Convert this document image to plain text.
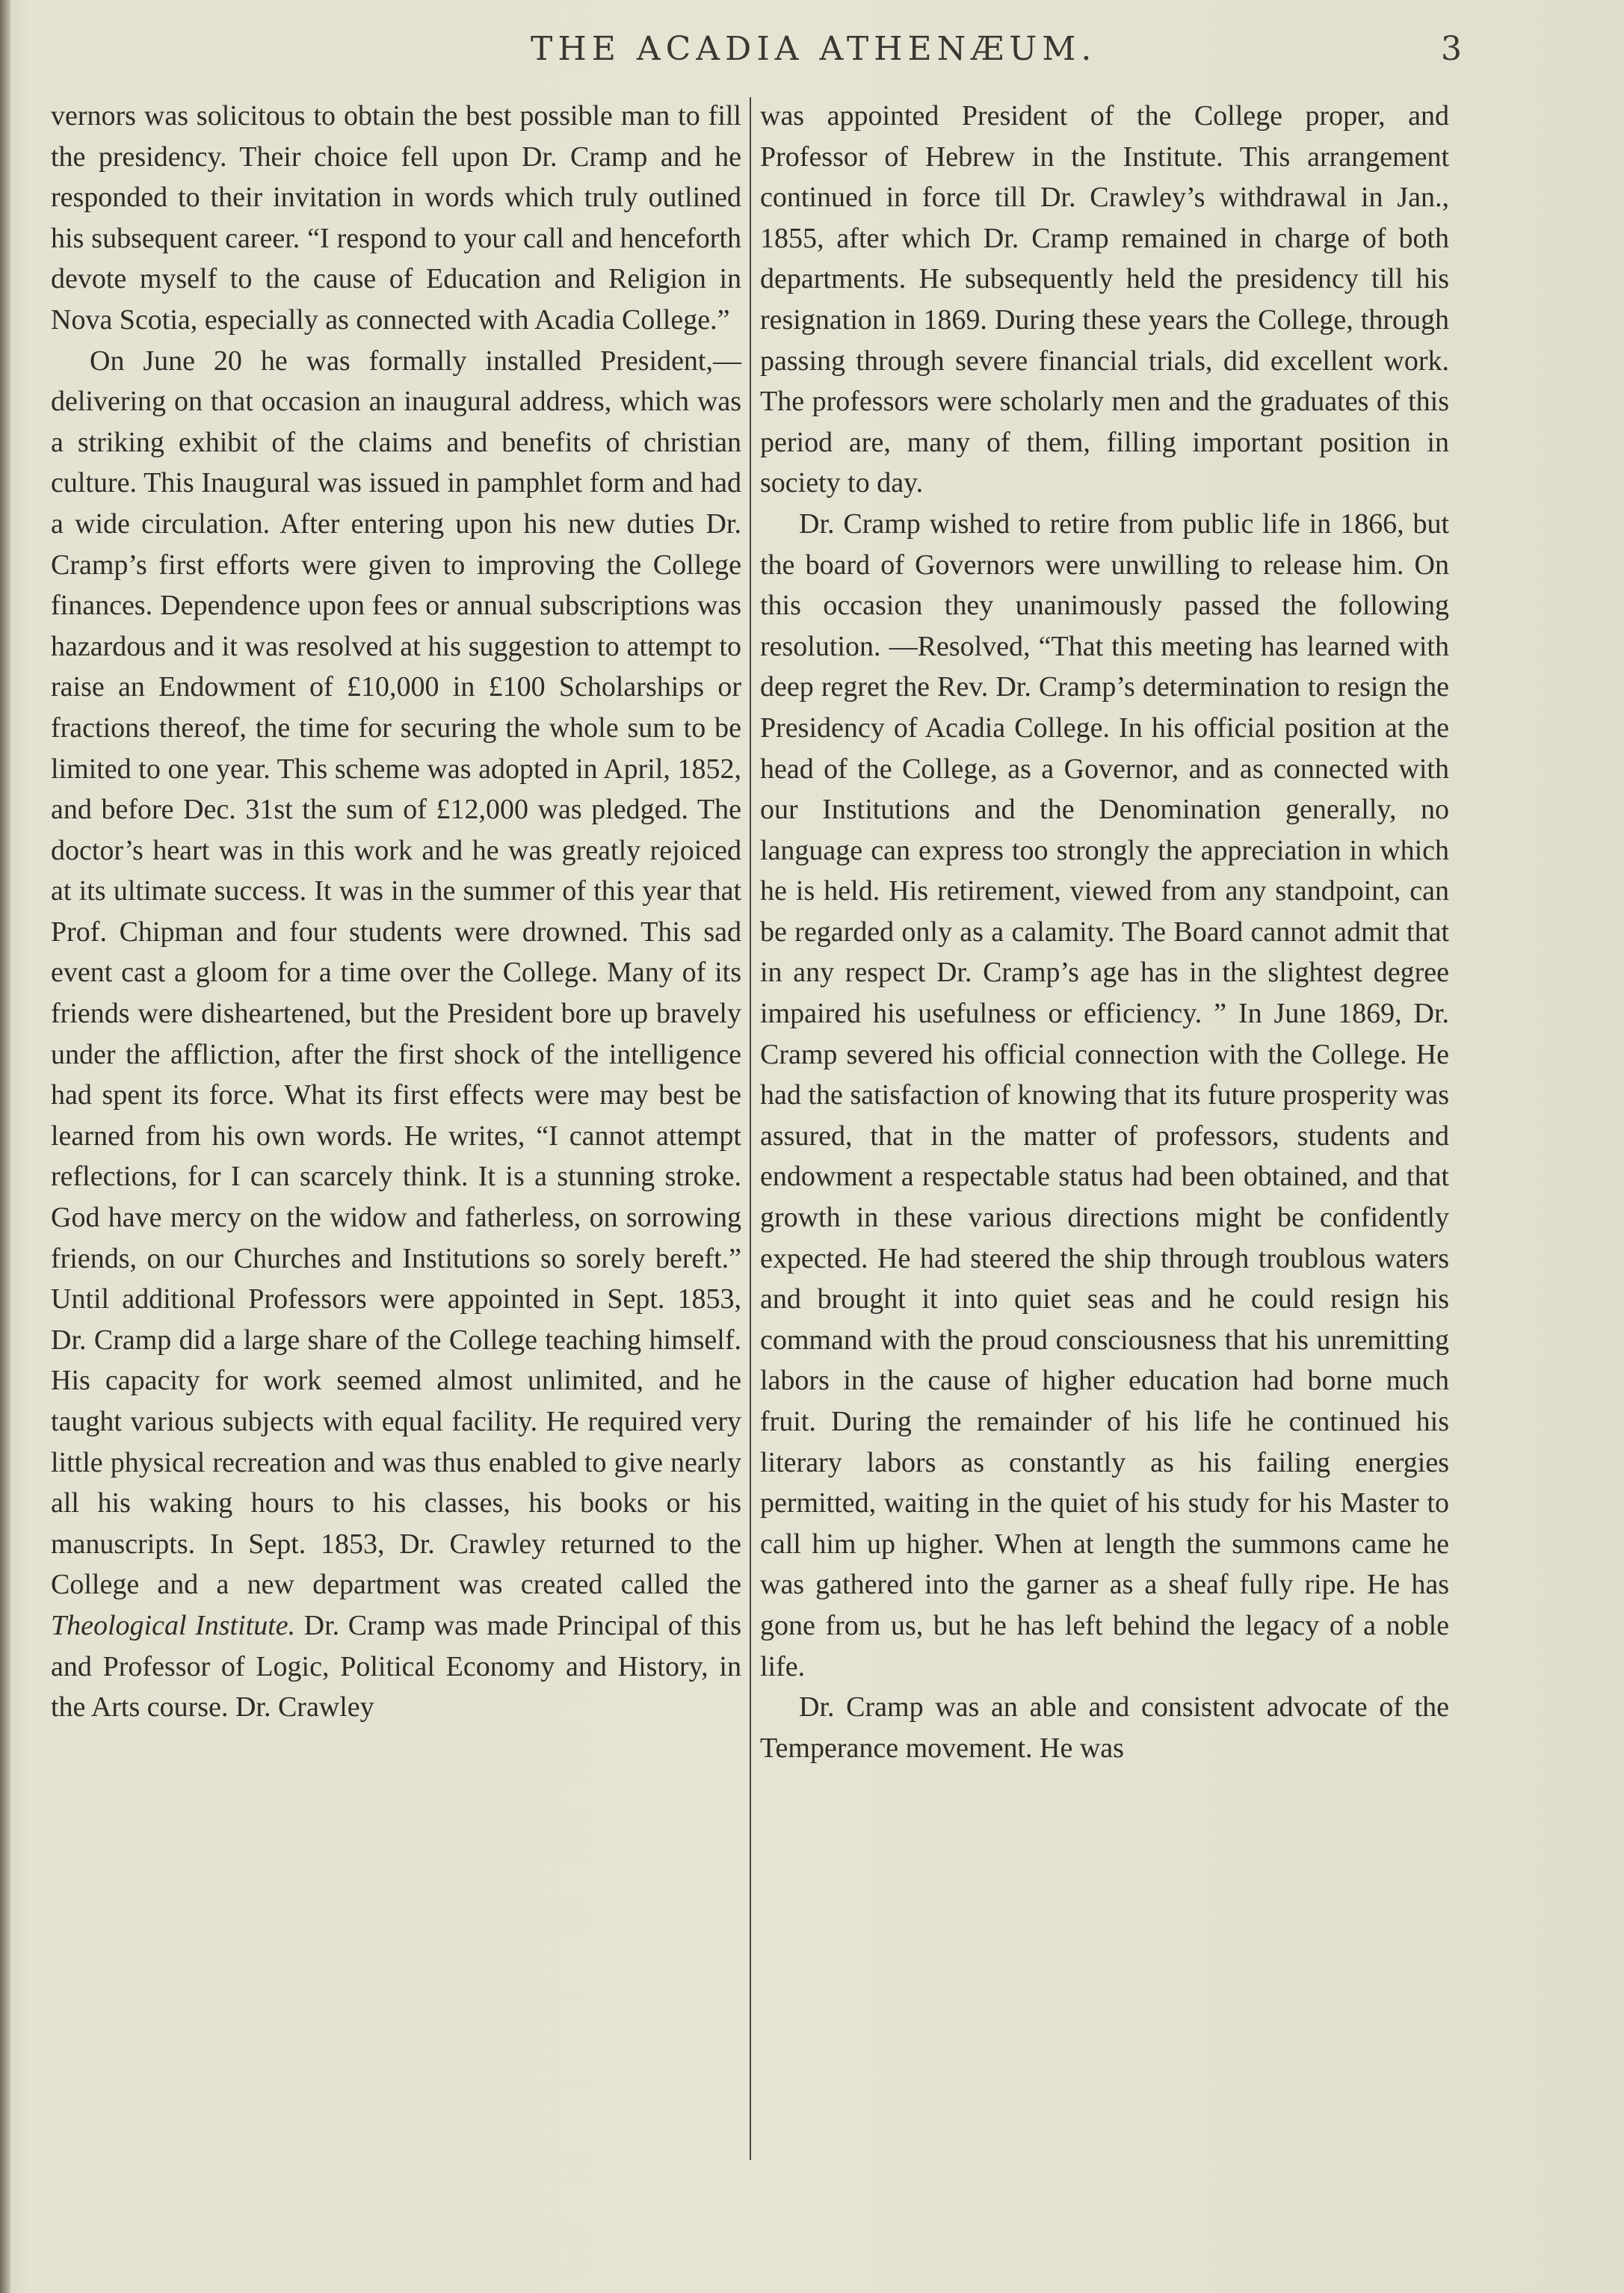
THE ACADIA ATHENÆUM.	3

vernors was solicitous to obtain the best possible man to fill the presidency. Their choice fell upon Dr. Cramp and he responded to their invitation in words which truly outlined his subsequent career. “I respond to your call and henceforth devote myself to the cause of Education and Religion in Nova Scotia, especially as connected with Acadia College.”

On June 20 he was formally installed President,—delivering on that occasion an inaugural address, which was a striking exhibit of the claims and benefits of christian culture. This Inaugural was issued in pamphlet form and had a wide circulation. After entering upon his new duties Dr. Cramp’s first efforts were given to improving the College finances. Dependence upon fees or annual subscriptions was hazardous and it was resolved at his suggestion to attempt to raise an Endowment of £10,000 in £100 Scholarships or fractions thereof, the time for securing the whole sum to be limited to one year. This scheme was adopted in April, 1852, and before Dec. 31st the sum of £12,000 was pledged. The doctor’s heart was in this work and he was greatly rejoiced at its ultimate success. It was in the summer of this year that Prof. Chipman and four students were drowned. This sad event cast a gloom for a time over the College. Many of its friends were disheartened, but the President bore up bravely under the affliction, after the first shock of the intelligence had spent its force. What its first effects were may best be learned from his own words. He writes, “I cannot attempt reflections, for I can scarcely think. It is a stunning stroke. God have mercy on the widow and fatherless, on sorrowing friends, on our Churches and Institutions so sorely bereft.” Until additional Professors were appointed in Sept. 1853, Dr. Cramp did a large share of the College teaching himself. His capacity for work seemed almost unlimited, and he taught various subjects with equal facility. He required very little physical recreation and was thus enabled to give nearly all his waking hours to his classes, his books or his manuscripts. In Sept. 1853, Dr. Crawley returned to the College and a new department was created called the Theological Institute. Dr. Cramp was made Principal of this and Professor of Logic, Political Economy and History, in the Arts course. Dr. Crawley

was appointed President of the College proper, and Professor of Hebrew in the Institute. This arrangement continued in force till Dr. Crawley’s withdrawal in Jan., 1855, after which Dr. Cramp remained in charge of both departments. He subsequently held the presidency till his resignation in 1869. During these years the College, through passing through severe financial trials, did excellent work. The professors were scholarly men and the graduates of this period are, many of them, filling important position in society to day.

Dr. Cramp wished to retire from public life in 1866, but the board of Governors were unwilling to release him. On this occasion they unanimously passed the following resolution. —Resolved, “That this meeting has learned with deep regret the Rev. Dr. Cramp’s determination to resign the Presidency of Acadia College. In his official position at the head of the College, as a Governor, and as connected with our Institutions and the Denomination generally, no language can express too strongly the appreciation in which he is held. His retirement, viewed from any standpoint, can be regarded only as a calamity. The Board cannot admit that in any respect Dr. Cramp’s age has in the slightest degree impaired his usefulness or efficiency. ” In June 1869, Dr. Cramp severed his official connection with the College. He had the satisfaction of knowing that its future prosperity was assured, that in the matter of professors, students and endowment a respectable status had been obtained, and that growth in these various directions might be confidently expected. He had steered the ship through troublous waters and brought it into quiet seas and he could resign his command with the proud consciousness that his unremitting labors in the cause of higher education had borne much fruit. During the remainder of his life he continued his literary labors as constantly as his failing energies permitted, waiting in the quiet of his study for his Master to call him up higher. When at length the summons came he was gathered into the garner as a sheaf fully ripe. He has gone from us, but he has left behind the legacy of a noble life.

Dr. Cramp was an able and consistent advocate of the Temperance movement. He was
